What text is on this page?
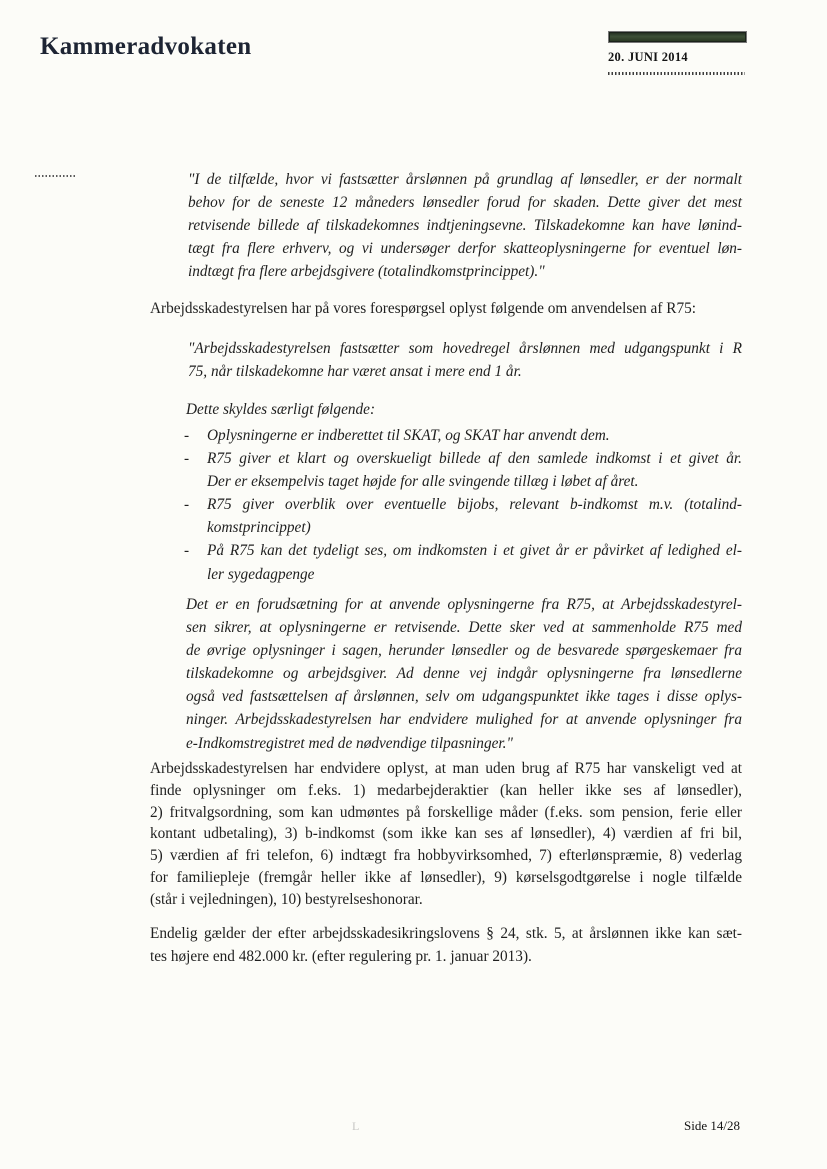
Kammeradvokaten	20. JUNI 2014
"I de tilfælde, hvor vi fastsætter årslønnen på grundlag af lønsedler, er der normalt
behov for de seneste 12 måneders lønsedler forud for skaden. Dette giver det mest
retvisende billede af tilskadekomnes indtjeningsevne. Tilskadekomne kan have lønind-
tægt fra flere erhverv, og vi undersøger derfor skatteoplysningerne for eventuel løn-
indtægt fra flere arbejdsgivere (totalindkomstprincippet)."

Arbejdsskadestyrelsen har på vores forespørgsel oplyst følgende om anvendelsen af R75:

"Arbejdsskadestyrelsen fastsætter som hovedregel årslønnen med udgangspunkt i R
75, når tilskadekomne har været ansat i mere end 1 år.
Dette skyldes særligt følgende:
-	Oplysningerne er indberettet til SKAT, og SKAT har anvendt dem.
-	R75 giver et klart og overskueligt billede af den samlede indkomst i et givet år.
Der er eksempelvis taget højde for alle svingende tillæg i løbet af året.
-	R75 giver overblik over eventuelle bijobs, relevant b-indkomst m.v. (totalind-
komstprincippet)
-	På R75 kan det tydeligt ses, om indkomsten i et givet år er påvirket af ledighed el-
ler sygedagpenge
Det er en forudsætning for at anvende oplysningerne fra R75, at Arbejdsskadestyrel-
sen sikrer, at oplysningerne er retvisende. Dette sker ved at sammenholde R75 med
de øvrige oplysninger i sagen, herunder lønsedler og de besvarede spørgeskemaer fra
tilskadekomne og arbejdsgiver. Ad denne vej indgår oplysningerne fra lønsedlerne
også ved fastsættelsen af årslønnen, selv om udgangspunktet ikke tages i disse oplys-
ninger. Arbejdsskadestyrelsen har endvidere mulighed for at anvende oplysninger fra
e-Indkomstregistret med de nødvendige tilpasninger."
Arbejdsskadestyrelsen har endvidere oplyst, at man uden brug af R75 har vanskeligt ved at
finde oplysninger om f.eks. 1) medarbejderaktier (kan heller ikke ses af lønsedler),
2) fritvalgsordning, som kan udmøntes på forskellige måder (f.eks. som pension, ferie eller
kontant udbetaling), 3) b-indkomst (som ikke kan ses af lønsedler), 4) værdien af fri bil,
5) værdien af fri telefon, 6) indtægt fra hobbyvirksomhed, 7) efterlønspræmie, 8) vederlag
for familiepleje (fremgår heller ikke af lønsedler), 9) kørselsgodtgørelse i nogle tilfælde
(står i vejledningen), 10) bestyrelseshonorar.
Endelig gælder der efter arbejdsskadesikringslovens § 24, stk. 5, at årslønnen ikke kan sæt-
tes højere end 482.000 kr. (efter regulering pr. 1. januar 2013).
L	Side 14/28
